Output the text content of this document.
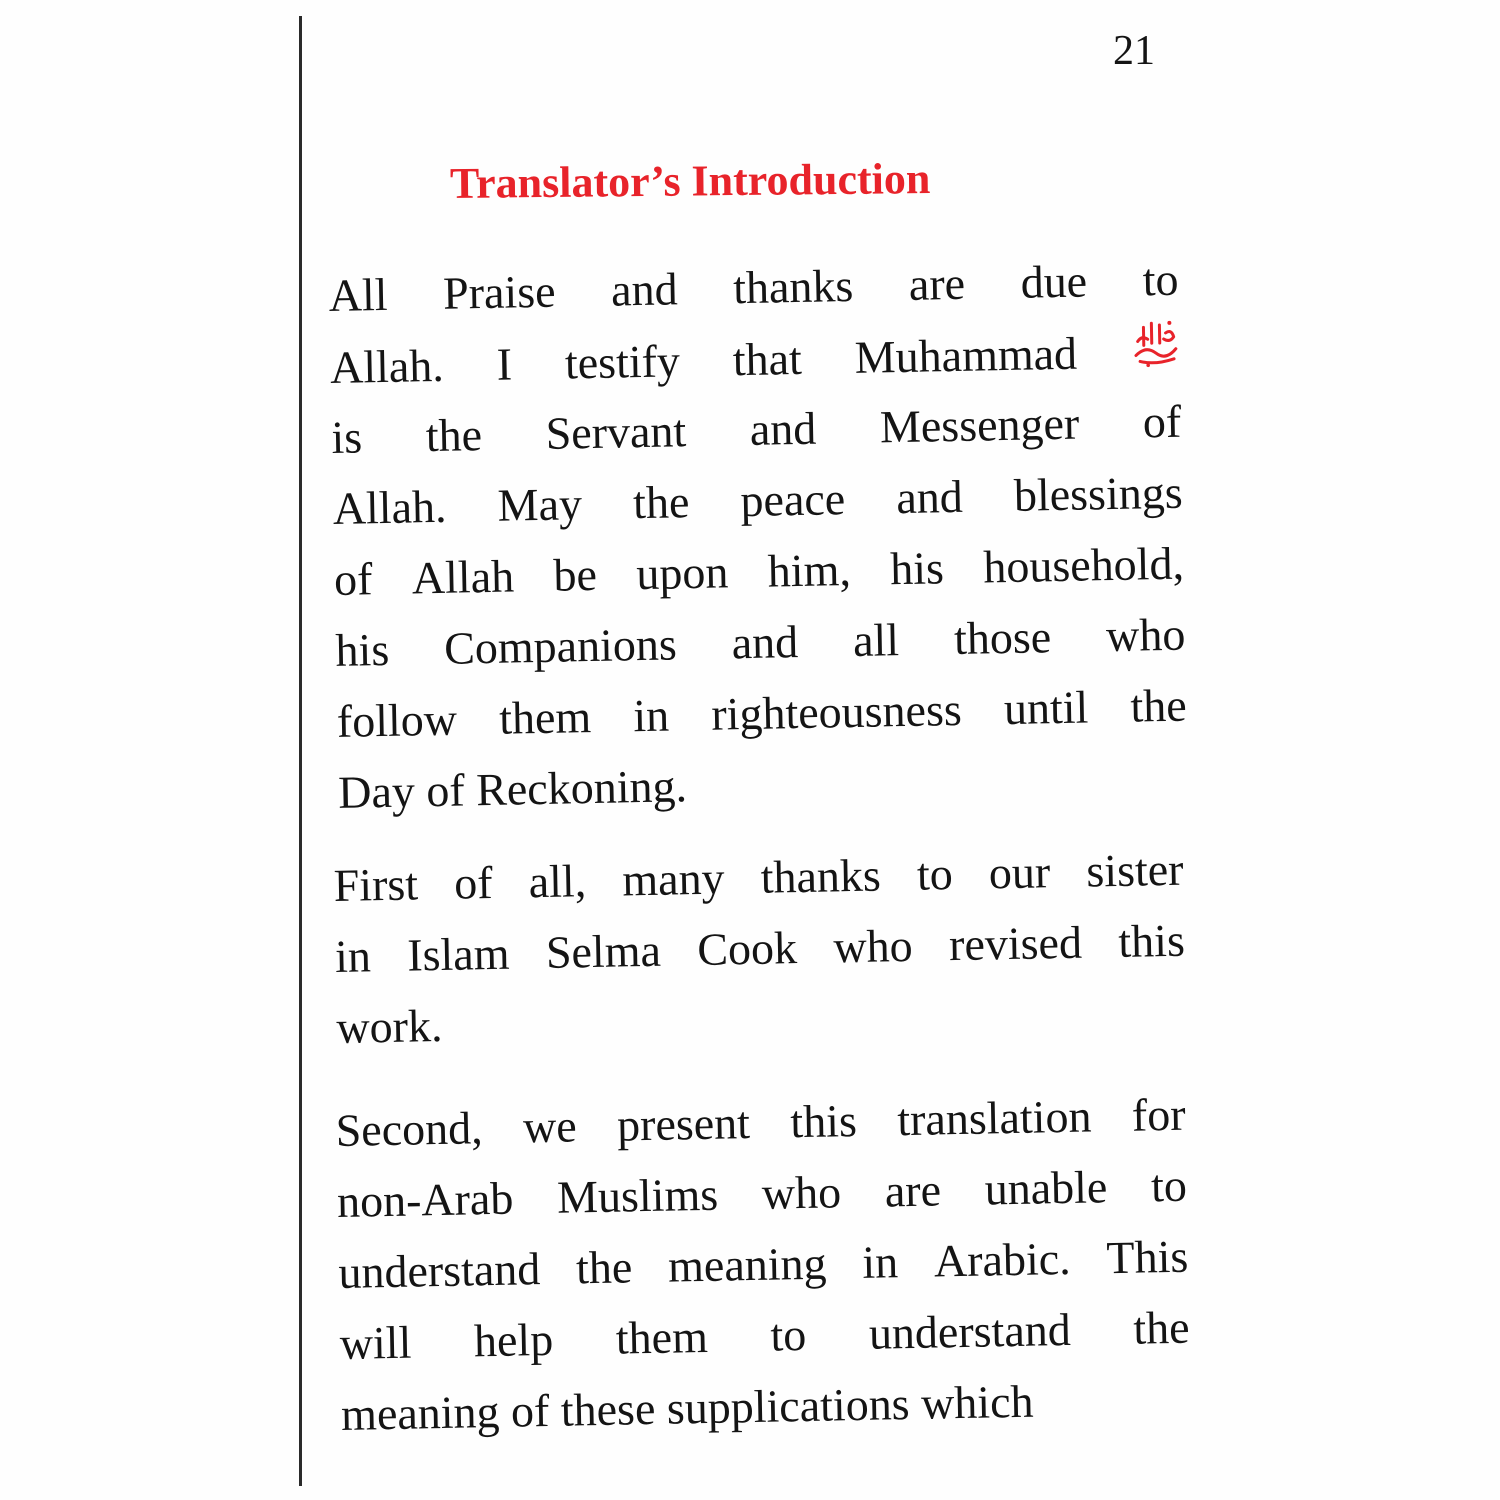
21
Translator’s Introduction
All Praise and thanks are due to
Allah. I testify that Muhammad
is the Servant and Messenger of
Allah. May the peace and blessings
of Allah be upon him, his household,
his Companions and all those who
follow them in righteousness until the
Day of Reckoning.
First of all, many thanks to our sister
in Islam Selma Cook who revised this
work.
Second, we present this translation for
non-Arab Muslims who are unable to
understand the meaning in Arabic. This
will help them to understand the
meaning of these supplications which
